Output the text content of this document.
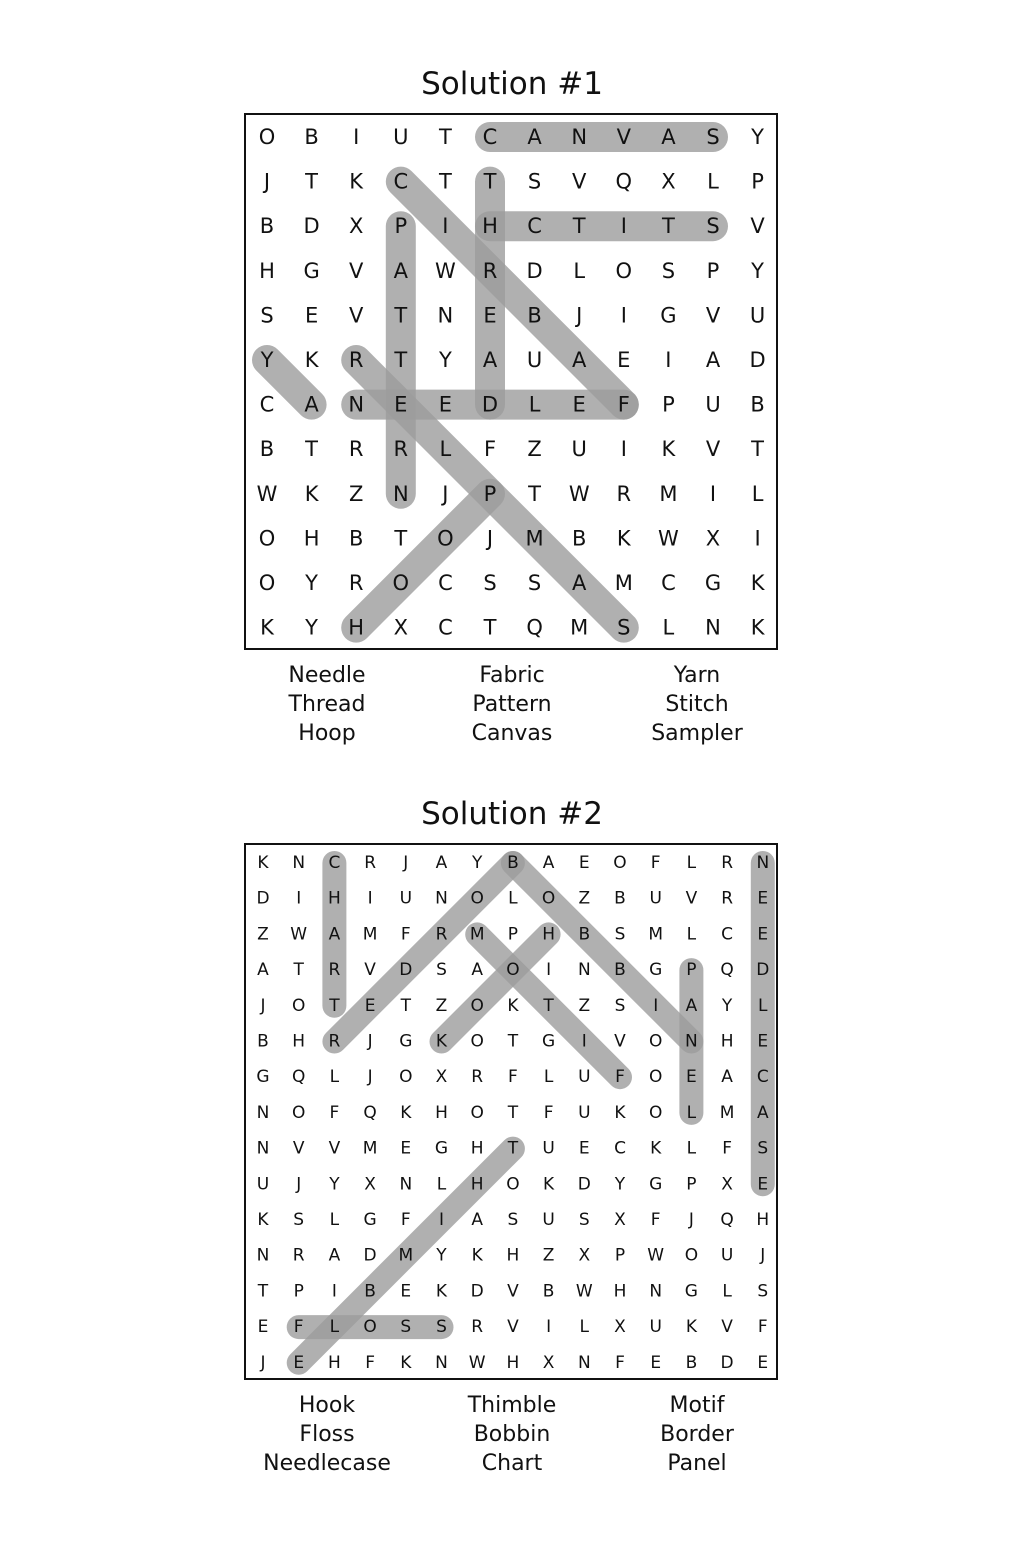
Solution #1
O B I U T C A N V A S Y
J T K C T T S V Q X L P
B D X P I H C T I T S V
H G V A W R D L O S P Y
S E V T N E B J I G V U
Y K R T Y A U A E I A D
C A N E E D L E F P U B
B T R R L F Z U I K V T
W K Z N J P T W R M I L
O H B T O J M B K W X I
O Y R O C S S A M C G K
K Y H X C T Q M S L N K
Needle
Thread
Hoop
Fabric
Pattern
Canvas
Yarn
Stitch
Sampler
Solution #2
K N C R J A Y B A E O F L R N
D I H I U N O L O Z B U V R E
Z W A M F R M P H B S M L C E
A T R V D S A O I N B G P Q D
J O T E T Z O K T Z S I A Y L
B H R J G K O T G I V O N H E
G Q L J O X R F L U F O E A C
N O F Q K H O T F U K O L M A
N V V M E G H T U E C K L F S
U J Y X N L H O K D Y G P X E
K S L G F I A S U S X F J Q H
N R A D M Y K H Z X P W O U J
T P I B E K D V B W H N G L S
E F L O S S R V I L X U K V F
J E H F K N W H X N F E B D E
Hook
Floss
Needlecase
Thimble
Bobbin
Chart
Motif
Border
Panel
